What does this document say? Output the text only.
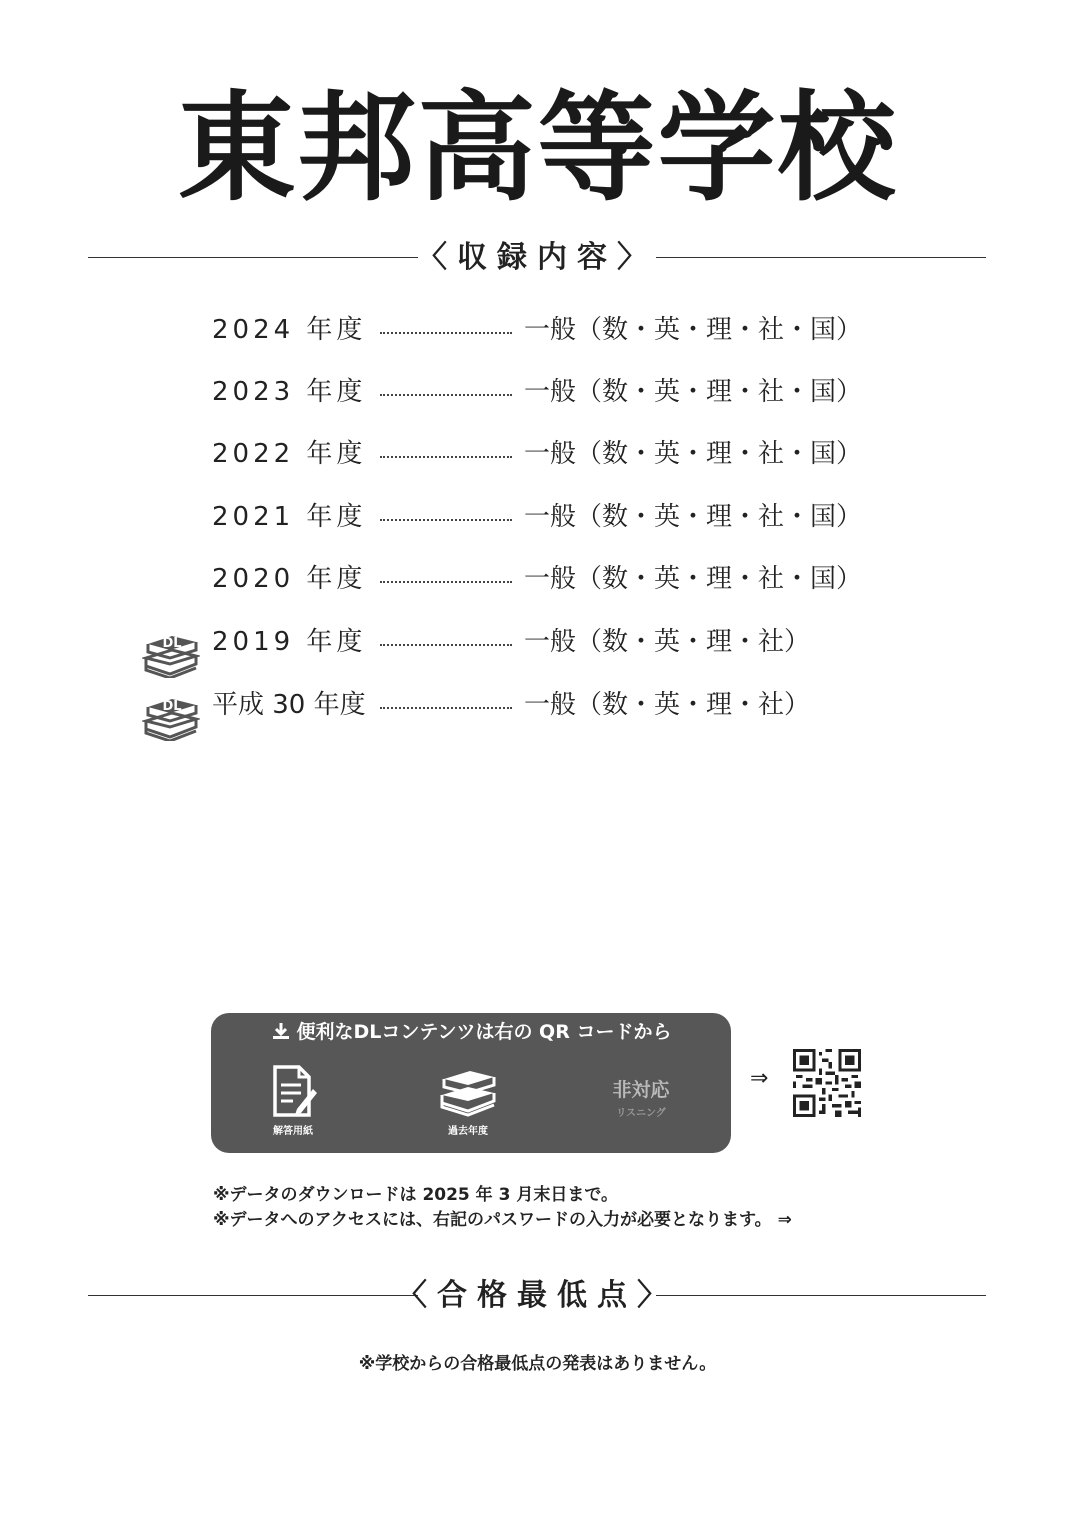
東邦高等学校
〈収録内容〉
2024 年度	一般（数・英・理・社・国）
2023 年度	一般（数・英・理・社・国）
2022 年度	一般（数・英・理・社・国）
2021 年度	一般（数・英・理・社・国）
2020 年度	一般（数・英・理・社・国）
DL 2019 年度	一般（数・英・理・社）
DL 平成 30 年度	一般（数・英・理・社）
便利なDLコンテンツは右の QR コードから
解答用紙	過去年度
非対応
リスニング
⇒
※データのダウンロードは 2025 年 3 月末日まで。
※データへのアクセスには、右記のパスワードの入力が必要となります。 ⇒
〈合格最低点〉
※学校からの合格最低点の発表はありません。
